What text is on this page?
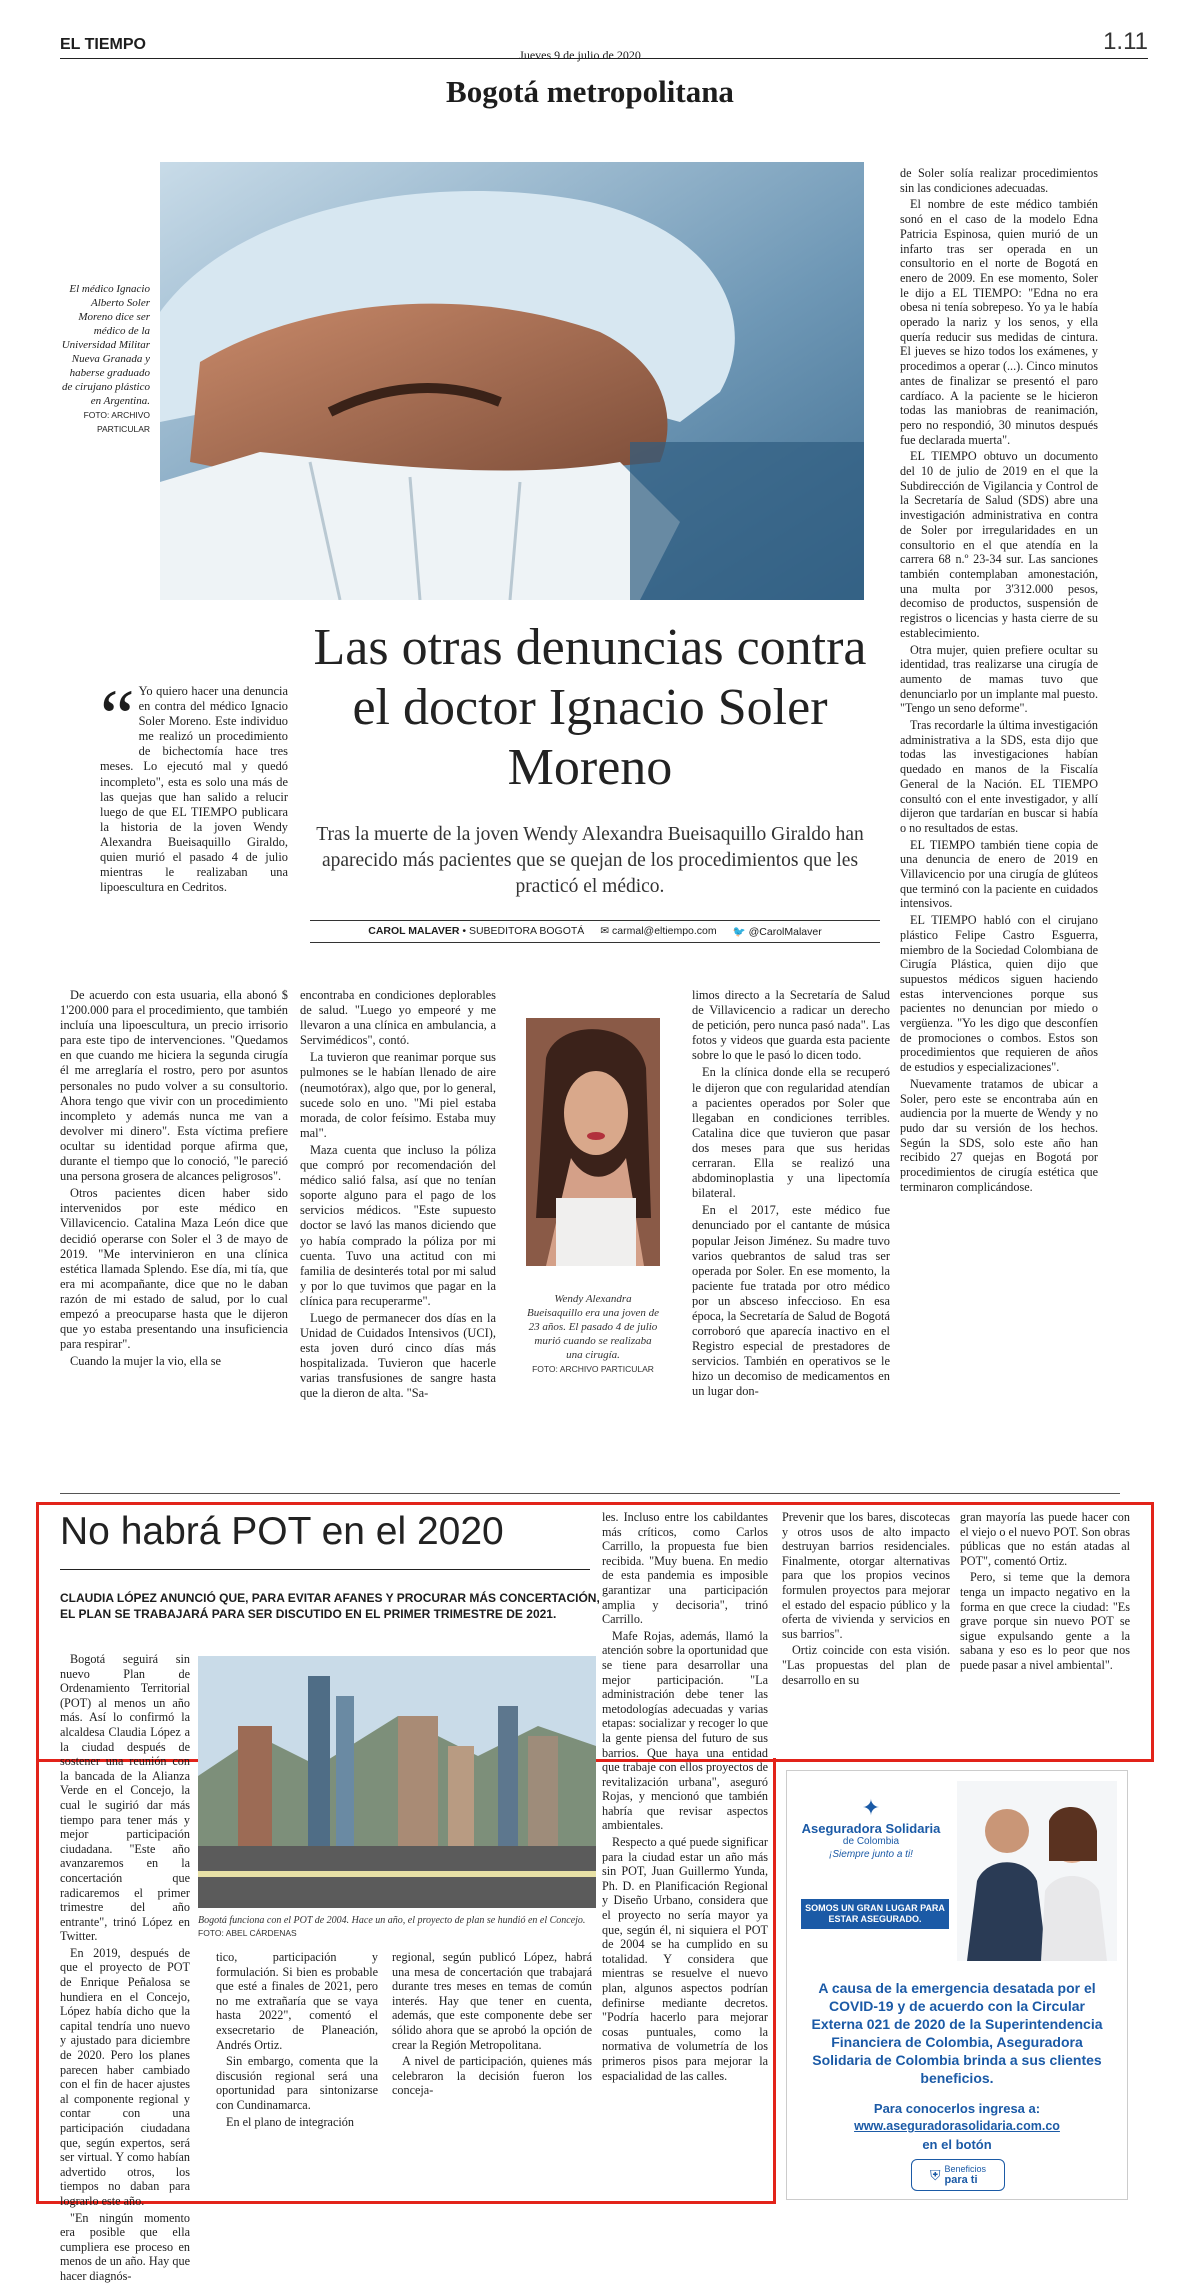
EL TIEMPO
Jueves 9 de julio de 2020	1.11
Bogotá metropolitana
El médico Ignacio Alberto Soler Moreno dice ser médico de la Universidad Militar Nueva Granada y haberse graduado de cirujano plástico en Argentina.
FOTO: ARCHIVO PARTICULAR
Las otras denuncias contra el doctor Ignacio Soler Moreno
Tras la muerte de la joven Wendy Alexandra Bueisaquillo Giraldo han aparecido más pacientes que se quejan de los procedimientos que les practicó el médico.
CAROL MALAVER • SUBEDITORA BOGOTÁ ✉ carmal@eltiempo.com 🐦 @CarolMalaver

“ Yo quiero hacer una denuncia en contra del médico Ignacio Soler Moreno. Este individuo me realizó un procedimiento de bichectomía hace tres meses. Lo ejecutó mal y quedó incompleto", esta es solo una más de las quejas que han salido a relucir luego de que EL TIEMPO publicara la historia de la joven Wendy Alexandra Bueisaquillo Giraldo, quien murió el pasado 4 de julio mientras le realizaban una lipoescultura en Cedritos.

De acuerdo con esta usuaria, ella abonó $ 1'200.000 para el procedimiento, que también incluía una lipoescultura, un precio irrisorio para este tipo de intervenciones. "Quedamos en que cuando me hiciera la segunda cirugía él me arreglaría el rostro, pero por asuntos personales no pudo volver a su consultorio. Ahora tengo que vivir con un procedimiento incompleto y además nunca me van a devolver mi dinero". Esta víctima prefiere ocultar su identidad porque afirma que, durante el tiempo que lo conoció, "le pareció una persona grosera de alcances peligrosos".

Otros pacientes dicen haber sido intervenidos por este médico en Villavicencio. Catalina Maza León dice que decidió operarse con Soler el 3 de mayo de 2019. "Me intervinieron en una clínica estética llamada Splendo. Ese día, mi tía, que era mi acompañante, dice que no le daban razón de mi estado de salud, por lo cual empezó a preocuparse hasta que le dijeron que yo estaba presentando una insuficiencia para respirar".

Cuando la mujer la vio, ella se

encontraba en condiciones deplorables de salud. "Luego yo empeoré y me llevaron a una clínica en ambulancia, a Servimédicos", contó.

La tuvieron que reanimar porque sus pulmones se le habían llenado de aire (neumotórax), algo que, por lo general, sucede solo en uno. "Mi piel estaba morada, de color feísimo. Estaba muy mal".

Maza cuenta que incluso la póliza que compró por recomendación del médico salió falsa, así que no tenían soporte alguno para el pago de los servicios médicos. "Este supuesto doctor se lavó las manos diciendo que yo había comprado la póliza por mi cuenta. Tuvo una actitud con mi familia de desinterés total por mi salud y por lo que tuvimos que pagar en la clínica para recuperarme".

Luego de permanecer dos días en la Unidad de Cuidados Intensivos (UCI), esta joven duró cinco días más hospitalizada. Tuvieron que hacerle varias transfusiones de sangre hasta que la dieron de alta. "Sa-

Wendy Alexandra Bueisaquillo era una joven de 23 años. El pasado 4 de julio murió cuando se realizaba una cirugía.
FOTO: ARCHIVO PARTICULAR

limos directo a la Secretaría de Salud de Villavicencio a radicar un derecho de petición, pero nunca pasó nada". Las fotos y videos que guarda esta paciente sobre lo que le pasó lo dicen todo.

En la clínica donde ella se recuperó le dijeron que con regularidad atendían a pacientes operados por Soler que llegaban en condiciones terribles. Catalina dice que tuvieron que pasar dos meses para que sus heridas cerraran. Ella se realizó una abdominoplastia y una lipectomía bilateral.

En el 2017, este médico fue denunciado por el cantante de música popular Jeison Jiménez. Su madre tuvo varios quebrantos de salud tras ser operada por Soler. En ese momento, la paciente fue tratada por otro médico por un absceso infeccioso. En esa época, la Secretaría de Salud de Bogotá corroboró que aparecía inactivo en el Registro especial de prestadores de servicios. También en operativos se le hizo un decomiso de medicamentos en un lugar don-

de Soler solía realizar procedimientos sin las condiciones adecuadas.

El nombre de este médico también sonó en el caso de la modelo Edna Patricia Espinosa, quien murió de un infarto tras ser operada en un consultorio en el norte de Bogotá en enero de 2009. En ese momento, Soler le dijo a EL TIEMPO: "Edna no era obesa ni tenía sobrepeso. Yo ya le había operado la nariz y los senos, y ella quería reducir sus medidas de cintura. El jueves se hizo todos los exámenes, y procedimos a operar (...). Cinco minutos antes de finalizar se presentó el paro cardíaco. A la paciente se le hicieron todas las maniobras de reanimación, pero no respondió, 30 minutos después fue declarada muerta".

EL TIEMPO obtuvo un documento del 10 de julio de 2019 en el que la Subdirección de Vigilancia y Control de la Secretaría de Salud (SDS) abre una investigación administrativa en contra de Soler por irregularidades en un consultorio en el que atendía en la carrera 68 n.º 23-34 sur. Las sanciones también contemplaban amonestación, una multa por 3'312.000 pesos, decomiso de productos, suspensión de registros o licencias y hasta cierre de su establecimiento.

Otra mujer, quien prefiere ocultar su identidad, tras realizarse una cirugía de aumento de mamas tuvo que denunciarlo por un implante mal puesto. "Tengo un seno deforme".

Tras recordarle la última investigación administrativa a la SDS, esta dijo que todas las investigaciones habían quedado en manos de la Fiscalía General de la Nación. EL TIEMPO consultó con el ente investigador, y allí dijeron que tardarían en buscar si había o no resultados de estas.

EL TIEMPO también tiene copia de una denuncia de enero de 2019 en Villavicencio por una cirugía de glúteos que terminó con la paciente en cuidados intensivos.

EL TIEMPO habló con el cirujano plástico Felipe Castro Esguerra, miembro de la Sociedad Colombiana de Cirugía Plástica, quien dijo que supuestos médicos siguen haciendo estas intervenciones porque sus pacientes no denuncian por miedo o vergüenza. "Yo les digo que desconfíen de promociones o combos. Estos son procedimientos que requieren de años de estudios y especializaciones".

Nuevamente tratamos de ubicar a Soler, pero este se encontraba aún en audiencia por la muerte de Wendy y no pudo dar su versión de los hechos. Según la SDS, solo este año han recibido 27 quejas en Bogotá por procedimientos de cirugía estética que terminaron complicándose.

No habrá POT en el 2020
CLAUDIA LÓPEZ ANUNCIÓ QUE, PARA EVITAR AFANES Y PROCURAR MÁS CONCERTACIÓN, EL PLAN SE TRABAJARÁ PARA SER DISCUTIDO EN EL PRIMER TRIMESTRE DE 2021.

Bogotá seguirá sin nuevo Plan de Ordenamiento Territorial (POT) al menos un año más. Así lo confirmó la alcaldesa Claudia López a la ciudad después de sostener una reunión con la bancada de la Alianza Verde en el Concejo, la cual le sugirió dar más tiempo para tener más y mejor participación ciudadana. "Este año avanzaremos en la concertación que radicaremos el primer trimestre del año entrante", trinó López en Twitter.

En 2019, después de que el proyecto de POT de Enrique Peñalosa se hundiera en el Concejo, López había dicho que la capital tendría uno nuevo y ajustado para diciembre de 2020. Pero los planes parecen haber cambiado con el fin de hacer ajustes al componente regional y contar con una participación ciudadana que, según expertos, será ser virtual. Y como habían advertido otros, los tiempos no daban para lograrlo este año.

"En ningún momento era posible que ella cumpliera ese proceso en menos de un año. Hay que hacer diagnós-

Bogotá funciona con el POT de 2004. Hace un año, el proyecto de plan se hundió en el Concejo. FOTO: ABEL CÁRDENAS

tico, participación y formulación. Si bien es probable que esté a finales de 2021, pero no me extrañaría que se vaya hasta 2022", comentó el exsecretario de Planeación, Andrés Ortiz.

Sin embargo, comenta que la discusión regional será una oportunidad para sintonizarse con Cundinamarca.

En el plano de integración

regional, según publicó López, habrá una mesa de concertación que trabajará durante tres meses en temas de común interés. Hay que tener en cuenta, además, que este componente debe ser sólido ahora que se aprobó la opción de crear la Región Metropolitana.

A nivel de participación, quienes más celebraron la decisión fueron los conceja-

les. Incluso entre los cabildantes más críticos, como Carlos Carrillo, la propuesta fue bien recibida. "Muy buena. En medio de esta pandemia es imposible garantizar una participación amplia y decisoria", trinó Carrillo.

Mafe Rojas, además, llamó la atención sobre la oportunidad que se tiene para desarrollar una mejor participación. "La administración debe tener las metodologías adecuadas y varias etapas: socializar y recoger lo que la gente piensa del futuro de sus barrios. Que haya una entidad que trabaje con ellos proyectos de revitalización urbana", aseguró Rojas, y mencionó que también habría que revisar aspectos ambientales.

Respecto a qué puede significar para la ciudad estar un año más sin POT, Juan Guillermo Yunda, Ph. D. en Planificación Regional y Diseño Urbano, considera que el proyecto no sería mayor ya que, según él, ni siquiera el POT de 2004 se ha cumplido en su totalidad. Y considera que mientras se resuelve el nuevo plan, algunos aspectos podrían definirse mediante decretos. "Podría hacerlo para mejorar cosas puntuales, como la normativa de volumetría de los primeros pisos para mejorar la espacialidad de las calles.

Prevenir que los bares, discotecas y otros usos de alto impacto destruyan barrios residenciales. Finalmente, otorgar alternativas para que los propios vecinos formulen proyectos para mejorar el estado del espacio público y la oferta de vivienda y servicios en sus barrios".

Ortiz coincide con esta visión. "Las propuestas del plan de desarrollo en su

gran mayoría las puede hacer con el viejo o el nuevo POT. Son obras públicas que no están atadas al POT", comentó Ortiz.

Pero, si teme que la demora tenga un impacto negativo en la forma en que crece la ciudad: "Es grave porque sin nuevo POT se sigue expulsando gente a la sabana y eso es lo peor que nos puede pasar a nivel ambiental".

✦
Aseguradora Solidaria
de Colombia
¡Siempre junto a ti!
SOMOS UN GRAN LUGAR PARA ESTAR ASEGURADO.
A causa de la emergencia desatada por el COVID-19 y de acuerdo con la Circular Externa 021 de 2020 de la Superintendencia Financiera de Colombia, Aseguradora Solidaria de Colombia brinda a sus clientes beneficios.
Para conocerlos ingresa a:
www.aseguradorasolidaria.com.co
en el botón
⛨ Beneficios
para ti
